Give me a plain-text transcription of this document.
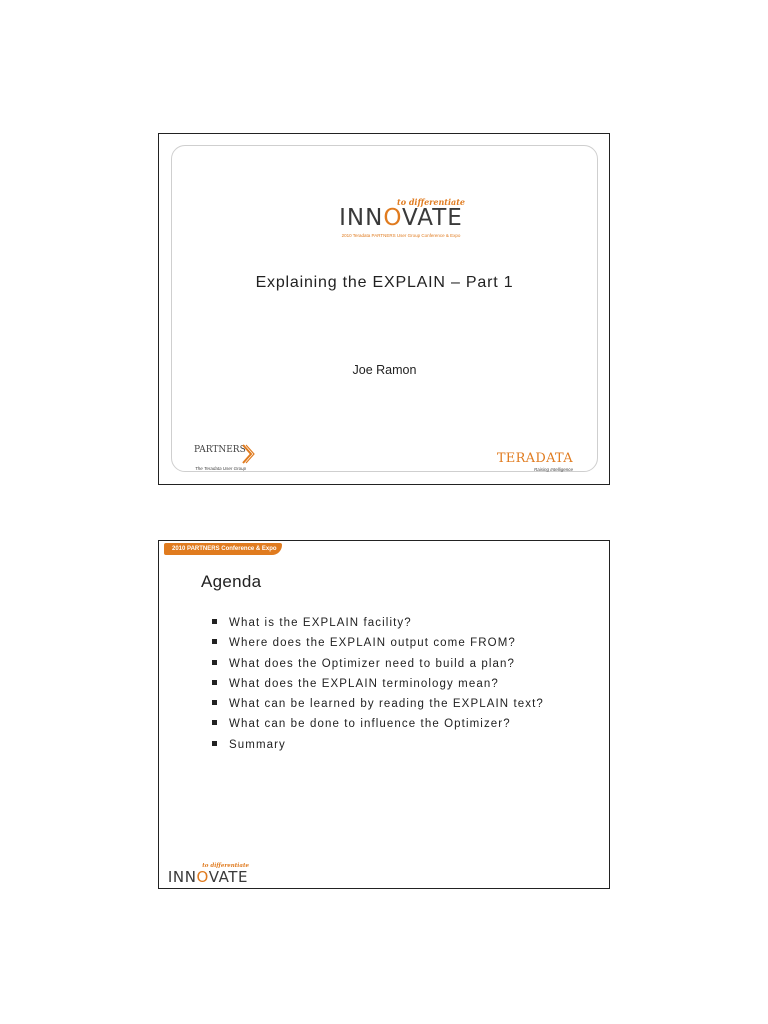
to differentiate
INNOVATE
2010 Teradata PARTNERS User Group Conference & Expo
Explaining the EXPLAIN – Part 1
Joe Ramon
PARTNERS
The Teradata User Group
TERADATA
Raising Intelligence
2010 PARTNERS Conference & Expo
Agenda
What is the EXPLAIN facility?
Where does the EXPLAIN output come FROM?
What does the Optimizer need to build a plan?
What does the EXPLAIN terminology mean?
What can be learned by reading the EXPLAIN text?
What can be done to influence the Optimizer?
Summary
to differentiate
INNOVATE
